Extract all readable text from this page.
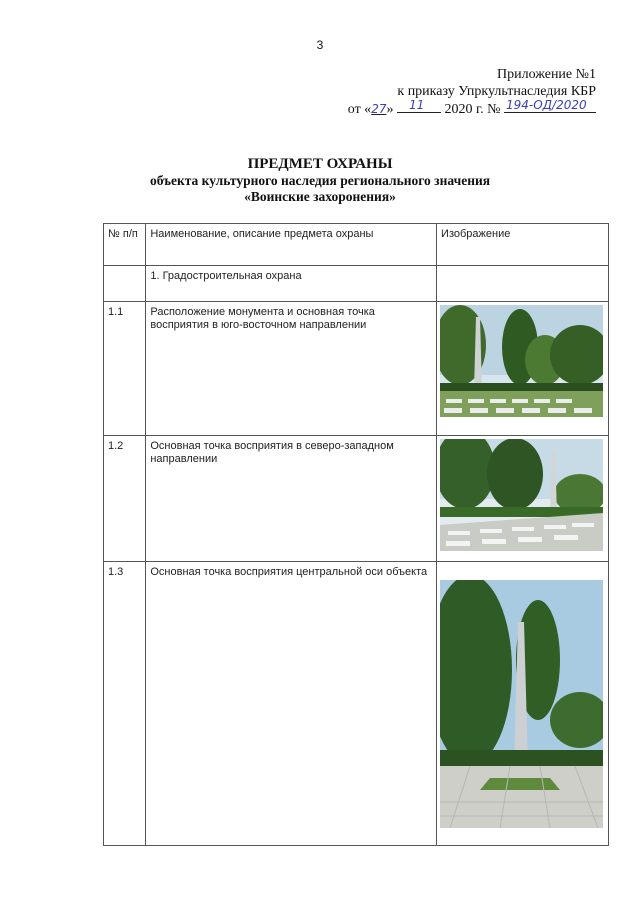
3
Приложение №1
к приказу Упркультнаследия КБР
от «27» 11 2020 г. № 194-ОД/2020
ПРЕДМЕТ ОХРАНЫ
объекта культурного наследия регионального значения
«Воинские захоронения»
№ п/п	Наименование, описание предмета охраны	Изображение
	1. Градостроительная охрана	
1.1	Расположение монумента и основная точка восприятия в юго-восточном направлении	

1.2	Основная точка восприятия в северо-западном направлении	

1.3	Основная точка восприятия центральной оси объекта	
